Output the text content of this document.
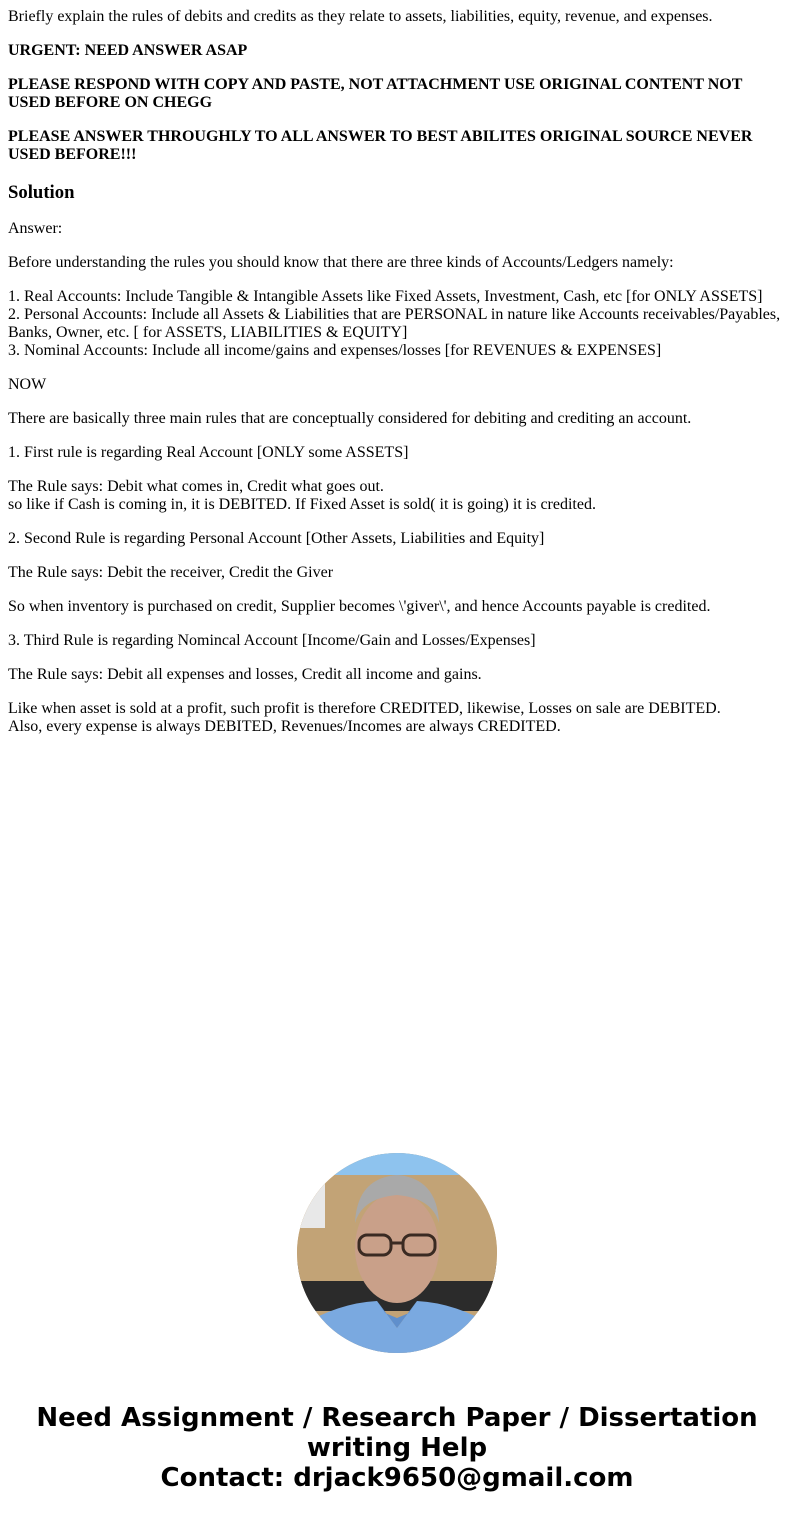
Briefly explain the rules of debits and credits as they relate to assets, liabilities, equity, revenue, and expenses.

URGENT: NEED ANSWER ASAP

PLEASE RESPOND WITH COPY AND PASTE, NOT ATTACHMENT USE ORIGINAL CONTENT NOT USED BEFORE ON CHEGG

PLEASE ANSWER THROUGHLY TO ALL ANSWER TO BEST ABILITES ORIGINAL SOURCE NEVER USED BEFORE!!!

Solution

Answer:

Before understanding the rules you should know that there are three kinds of Accounts/Ledgers namely:

1. Real Accounts: Include Tangible & Intangible Assets like Fixed Assets, Investment, Cash, etc [for ONLY ASSETS]
2. Personal Accounts: Include all Assets & Liabilities that are PERSONAL in nature like Accounts receivables/Payables, Banks, Owner, etc. [ for ASSETS, LIABILITIES & EQUITY]
3. Nominal Accounts: Include all income/gains and expenses/losses [for REVENUES & EXPENSES]

NOW

There are basically three main rules that are conceptually considered for debiting and crediting an account.

1. First rule is regarding Real Account [ONLY some ASSETS]

The Rule says: Debit what comes in, Credit what goes out.
so like if Cash is coming in, it is DEBITED. If Fixed Asset is sold( it is going) it is credited.

2. Second Rule is regarding Personal Account [Other Assets, Liabilities and Equity]

The Rule says: Debit the receiver, Credit the Giver

So when inventory is purchased on credit, Supplier becomes \'giver\', and hence Accounts payable is credited.

3. Third Rule is regarding Nomincal Account [Income/Gain and Losses/Expenses]

The Rule says: Debit all expenses and losses, Credit all income and gains.

Like when asset is sold at a profit, such profit is therefore CREDITED, likewise, Losses on sale are DEBITED.
Also, every expense is always DEBITED, Revenues/Incomes are always CREDITED.

Need Assignment / Research Paper / Dissertation
writing Help
Contact: drjack9650@gmail.com
